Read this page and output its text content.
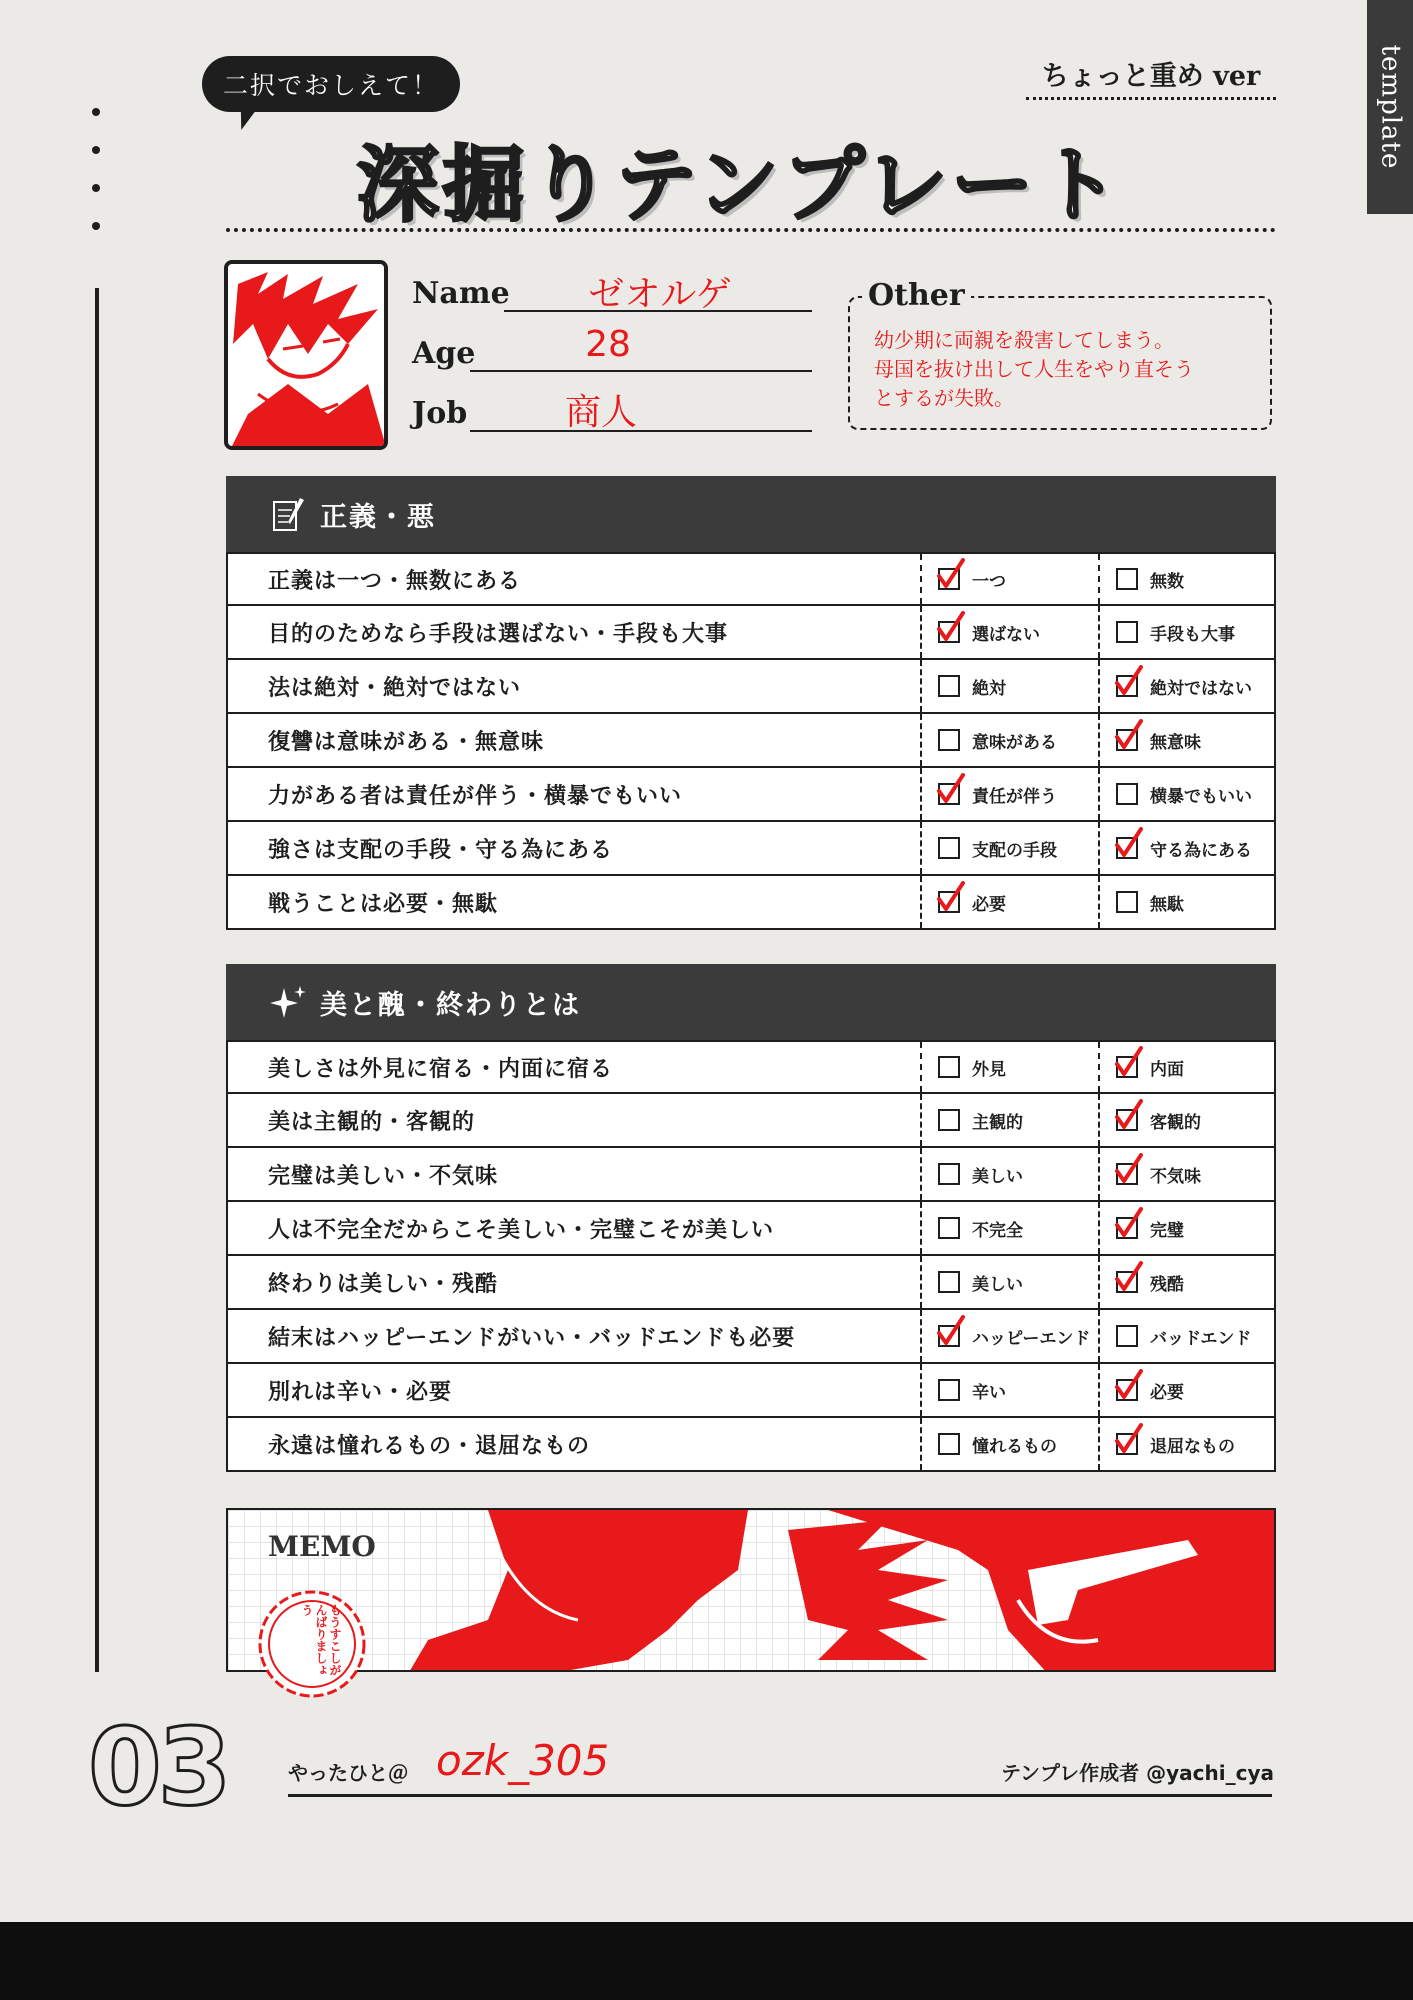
template
二択でおしえて！	ちょっと重め ver
深掘りテンプレート
Name	ゼオルゲ
Age	28
Job	商人
Other
幼少期に両親を殺害してしまう。
母国を抜け出して人生をやり直そう
とするが失敗。
正義・悪
正義は一つ・無数にある	一つ	無数
目的のためなら手段は選ばない・手段も大事	選ばない	手段も大事
法は絶対・絶対ではない	絶対	絶対ではない
復讐は意味がある・無意味	意味がある	無意味
力がある者は責任が伴う・横暴でもいい	責任が伴う	横暴でもいい
強さは支配の手段・守る為にある	支配の手段	守る為にある
戦うことは必要・無駄	必要	無駄
美と醜・終わりとは
美しさは外見に宿る・内面に宿る	外見	内面
美は主観的・客観的	主観的	客観的
完璧は美しい・不気味	美しい	不気味
人は不完全だからこそ美しい・完璧こそが美しい	不完全	完璧
終わりは美しい・残酷	美しい	残酷
結末はハッピーエンドがいい・バッドエンドも必要	ハッピーエンド	バッドエンド
別れは辛い・必要	辛い	必要
永遠は憧れるもの・退屈なもの	憧れるもの	退屈なもの
MEMO
もうすこしがんばりましょう
03	やったひと＠ ozk_305	テンプレ作成者 @yachi_cya
